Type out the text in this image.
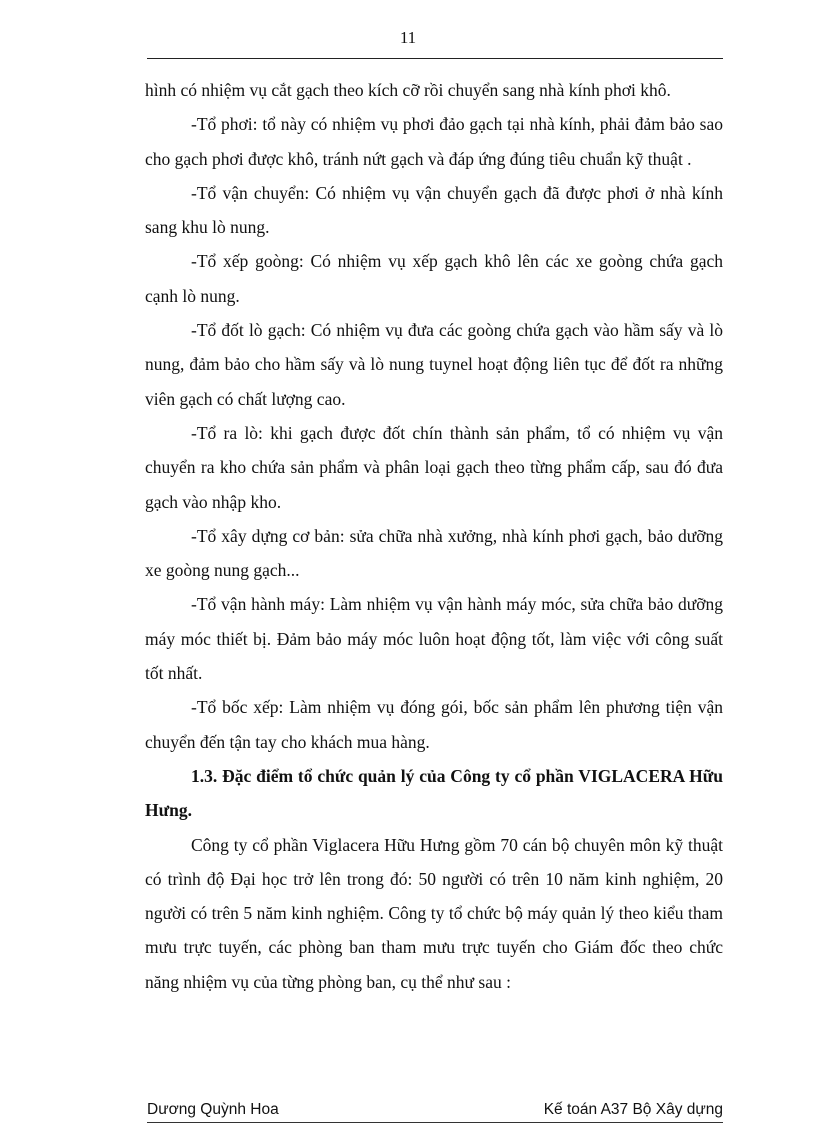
11

hình có nhiệm vụ cắt gạch theo kích cỡ rồi chuyển sang nhà kính phơi khô.

-Tổ phơi: tổ này có nhiệm vụ phơi đảo gạch tại nhà kính, phải đảm bảo sao cho gạch phơi được khô, tránh nứt gạch và đáp ứng đúng tiêu chuẩn kỹ thuật .

-Tổ vận chuyển: Có nhiệm vụ vận chuyển gạch đã được phơi ở nhà kính sang khu lò nung.

-Tổ xếp goòng: Có nhiệm vụ xếp gạch khô lên các xe goòng chứa gạch cạnh lò nung.

-Tổ đốt lò gạch: Có nhiệm vụ đưa các goòng chứa gạch vào hầm sấy và lò nung, đảm bảo cho hầm sấy và lò nung tuynel hoạt động liên tục để đốt ra những viên gạch có chất lượng cao.

-Tổ ra lò: khi gạch được đốt chín thành sản phẩm, tổ có nhiệm vụ vận chuyển ra kho chứa sản phẩm và phân loại gạch theo từng phẩm cấp, sau đó đưa gạch vào nhập kho.

-Tổ xây dựng cơ bản: sửa chữa nhà xưởng, nhà kính phơi gạch, bảo dưỡng xe goòng nung gạch...

-Tổ vận hành máy: Làm nhiệm vụ vận hành máy móc, sửa chữa bảo dưỡng máy móc thiết bị. Đảm bảo máy móc luôn hoạt động tốt, làm việc với công suất tốt nhất.

-Tổ bốc xếp: Làm nhiệm vụ đóng gói, bốc sản phẩm lên phương tiện vận chuyển đến tận tay cho khách mua hàng.

1.3. Đặc điểm tổ chức quản lý của Công ty cổ phần VIGLACERA Hữu Hưng.

Công ty cổ phần Viglacera Hữu Hưng gồm 70 cán bộ chuyên môn kỹ thuật có trình độ Đại học trở lên trong đó: 50 người có trên 10 năm kinh nghiệm, 20 người có trên 5 năm kinh nghiệm. Công ty tổ chức bộ máy quản lý theo kiểu tham mưu trực tuyến, các phòng ban tham mưu trực tuyến cho Giám đốc theo chức năng nhiệm vụ của từng phòng ban, cụ thể như sau :

Dương Quỳnh Hoa	Kế toán A37 Bộ Xây dựng
